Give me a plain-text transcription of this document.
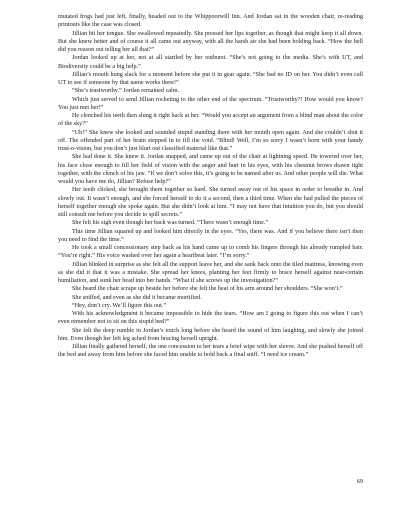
mutated frogs had just left, finally, headed out to the Whippoorwill Inn. And Jordan sat in the wooden chair, re-reading printouts like the case was closed.

Jillian bit her tongue. She swallowed repeatedly. She pressed her lips together, as though that might keep it all down. But she knew better and of course it all came out anyway, with all the harsh air she had been holding back. “How the hell did you reason out telling her all that?”

Jordan looked up at her, not at all startled by her outburst. “She’s not going to the media. She’s with UT, and Biodiversity could be a big help.”

Jillian’s mouth hung slack for a moment before she put it in gear again. “She had no ID on her. You didn’t even call UT to see if someone by that name works there!”

“She’s trustworthy.” Jordan remained calm.

Which just served to send Jillian rocketing to the other end of the spectrum. “Trustworthy?! How would you know? You just met her!”

He clenched his teeth then slung it right back at her. “Would you accept an argument from a blind man about the color of the sky?”

“Uh!” She knew she looked and sounded stupid standing there with her mouth open again. And she couldn’t shut it off. The offended part of her brain stepped in to fill the void. “Blind! Well, I’m so sorry I wasn’t born with your handy trust-o-vision, but you don’t just blurt out classified material like that.”

She had done it. She knew it. Jordan snapped, and came up out of the chair at lightning speed. He towered over her, his face close enough to fill her field of vision with the anger and hurt in his eyes, with his chestnut brows drawn tight together, with the clench of his jaw. “If we don’t solve this, it’s going to be named after us. And other people will die. What would you have me do, Jillian? Refuse help?”

Her teeth clicked, she brought them together so hard. She turned away out of his space in order to breathe in. And slowly out. It wasn’t enough, and she forced herself to do it a second, then a third time. When she had pulled the pieces of herself together enough she spoke again. But she didn’t look at him. “I may not have that intuition you do, but you should still consult me before you decide to spill secrets.”

She felt his sigh even though her back was turned. “There wasn’t enough time.”

This time Jillian squared up and looked him directly in the eyes. “Yes, there was. And if you believe there isn’t then you need to find the time.”

He took a small concessionary step back as his hand came up to comb his fingers through his already rumpled hair. “You’re right.” His voice washed over her again a heartbeat later. “I’m sorry.”

Jillian blinked in surprise as she felt all the support leave her, and she sank back onto the tiled mattress, knowing even as she did it that it was a mistake. She spread her knees, planting her feet firmly to brace herself against near-certain humiliation, and sunk her head into her hands. “What if she screws up the investigation?”

She heard the chair scrape up beside her before she felt the heat of his arm around her shoulders. “She won’t.”

She sniffed, and even as she did it became mortified.

“Hey, don’t cry. We’ll figure this out.”

With his acknowledgment it became impossible to hide the tears. “How am I going to figure this out when I can’t even remember not to sit on this stupid bed?”

She felt the deep rumble in Jordan’s touch long before she heard the sound of him laughing, and slowly she joined him. Even though her left leg ached from bracing herself upright.

Jillian finally gathered herself, the one concession to her tears a brief wipe with her sleeve. And she pushed herself off the bed and away from him before she faced him unable to hold back a final sniff. “I need ice cream.”

69
